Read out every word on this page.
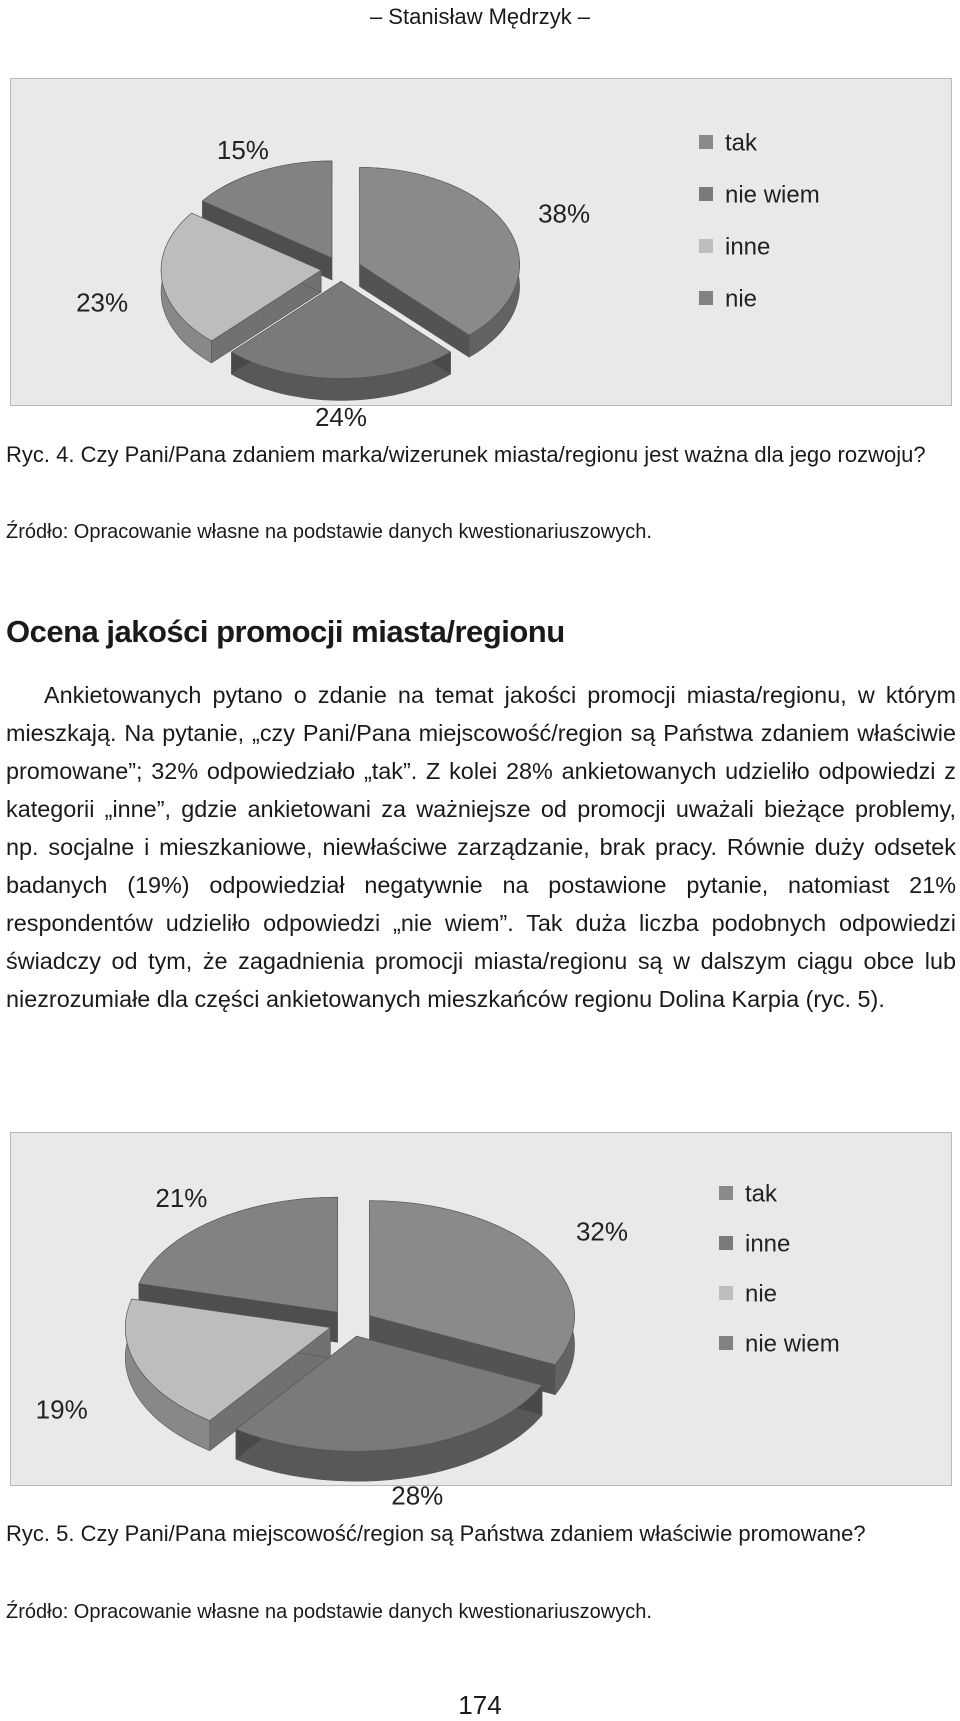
– Stanisław Mędrzyk –
38%
24%
23%
15%	tak
nie wiem
inne
nie
Ryc. 4. Czy Pani/Pana zdaniem marka/wizerunek miasta/regionu jest ważna dla jego rozwoju?
Źródło: Opracowanie własne na podstawie danych kwestionariuszowych.
Ocena jakości promocji miasta/regionu

Ankietowanych pytano o zdanie na temat jakości promocji miasta/regionu, w którym mieszkają. Na pytanie, „czy Pani/Pana miejscowość/region są Państwa zdaniem właściwie promowane”; 32% odpowiedziało „tak”. Z kolei 28% ankietowanych udzieliło odpowiedzi z kategorii „inne”, gdzie ankietowani za ważniejsze od promocji uważali bieżące problemy, np. socjalne i mieszkaniowe, niewłaściwe zarządzanie, brak pracy. Równie duży odsetek badanych (19%) odpowiedział negatywnie na postawione pytanie, natomiast 21% respondentów udzieliło odpowiedzi „nie wiem”. Tak duża liczba podobnych odpowiedzi świadczy od tym, że zagadnienia promocji miasta/regionu są w dalszym ciągu obce lub niezrozumiałe dla części ankietowanych mieszkańców regionu Dolina Karpia (ryc. 5).

32%
28%
19%
21%	tak
inne
nie
nie wiem
Ryc. 5. Czy Pani/Pana miejscowość/region są Państwa zdaniem właściwie promowane?
Źródło: Opracowanie własne na podstawie danych kwestionariuszowych.
174
